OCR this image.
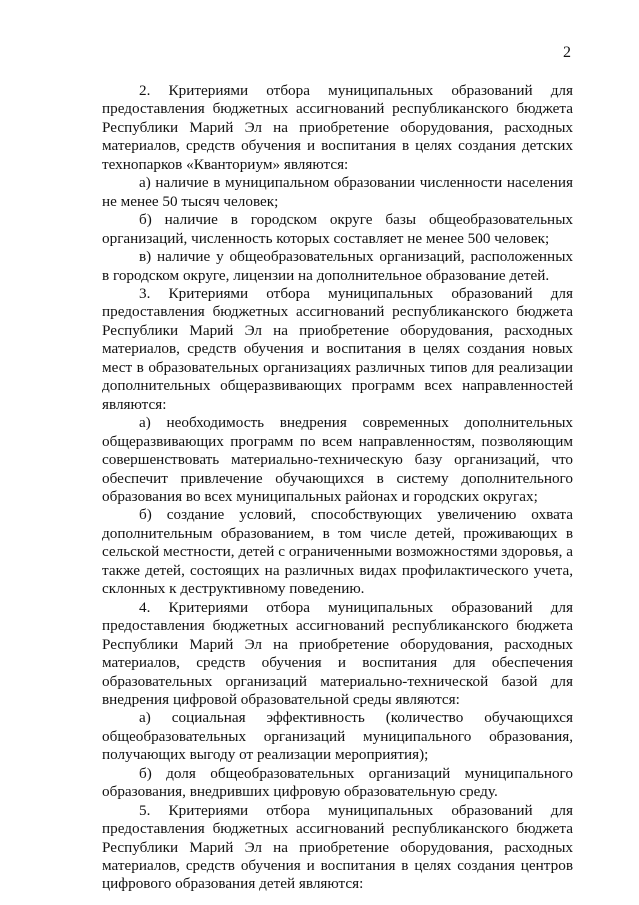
2

2. Критериями отбора муниципальных образований для предоставления бюджетных ассигнований республиканского бюджета Республики Марий Эл на приобретение оборудования, расходных материалов, средств обучения и воспитания в целях создания детских технопарков «Кванториум» являются:

а) наличие в муниципальном образовании численности населения не менее 50 тысяч человек;

б) наличие в городском округе базы общеобразовательных организаций, численность которых составляет не менее 500 человек;

в) наличие у общеобразовательных организаций, расположенных в городском округе, лицензии на дополнительное образование детей.

3. Критериями отбора муниципальных образований для предоставления бюджетных ассигнований республиканского бюджета Республики Марий Эл на приобретение оборудования, расходных материалов, средств обучения и воспитания в целях создания новых мест в образовательных организациях различных типов для реализации дополнительных общеразвивающих программ всех направленностей являются:

а) необходимость внедрения современных дополнительных общеразвивающих программ по всем направленностям, позволяющим совершенствовать материально-техническую базу организаций, что обеспечит привлечение обучающихся в систему дополнительного образования во всех муниципальных районах и городских округах;

б) создание условий, способствующих увеличению охвата дополнительным образованием, в том числе детей, проживающих в сельской местности, детей с ограниченными возможностями здоровья, а также детей, состоящих на различных видах профилактического учета, склонных к деструктивному поведению.

4. Критериями отбора муниципальных образований для предоставления бюджетных ассигнований республиканского бюджета Республики Марий Эл на приобретение оборудования, расходных материалов, средств обучения и воспитания для обеспечения образовательных организаций материально-технической базой для внедрения цифровой образовательной среды являются:

а) социальная эффективность (количество обучающихся общеобразовательных организаций муниципального образования, получающих выгоду от реализации мероприятия);

б) доля общеобразовательных организаций муниципального образования, внедривших цифровую образовательную среду.

5. Критериями отбора муниципальных образований для предоставления бюджетных ассигнований республиканского бюджета Республики Марий Эл на приобретение оборудования, расходных материалов, средств обучения и воспитания в целях создания центров цифрового образования детей являются:
